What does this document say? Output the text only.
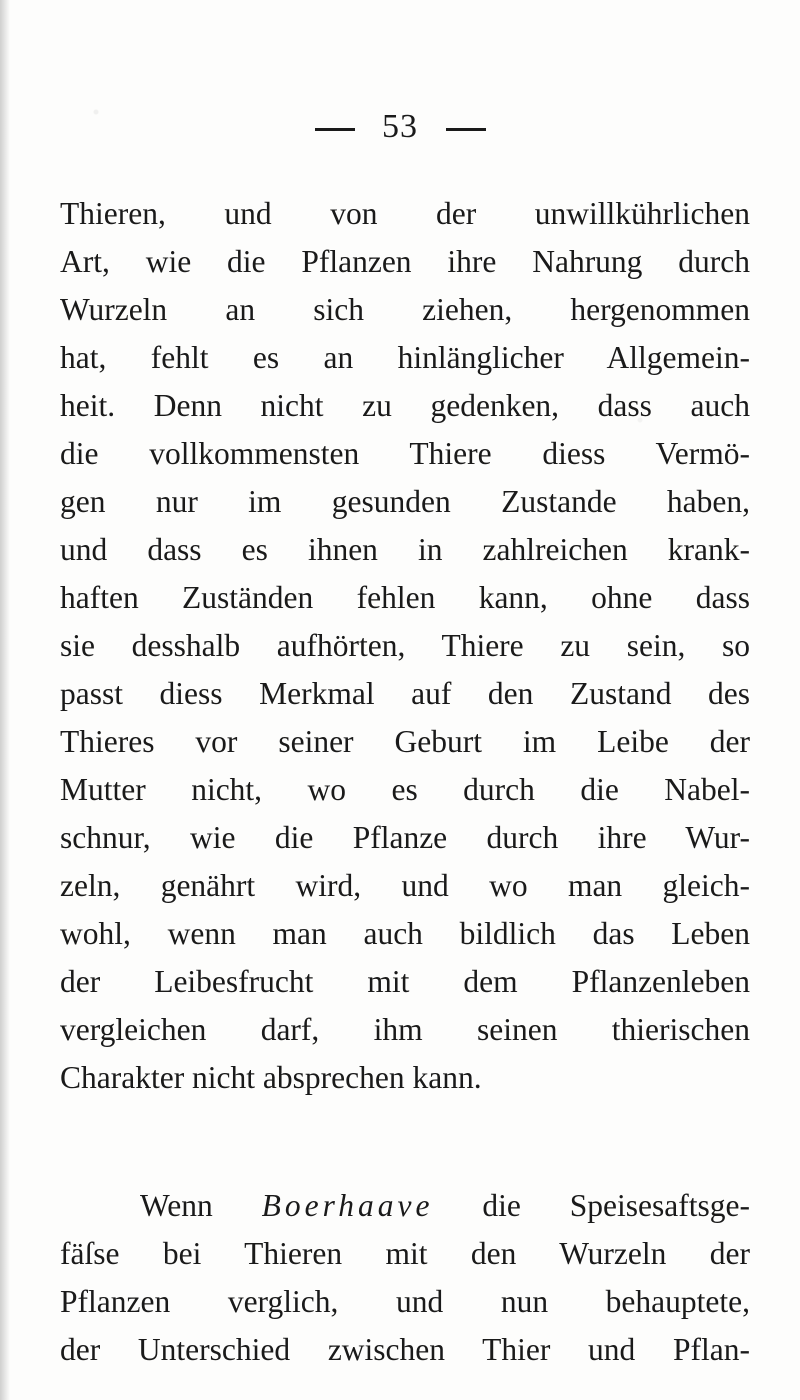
53
Thieren, und von der unwillkührlichen
Art, wie die Pflanzen ihre Nahrung durch
Wurzeln an sich ziehen, hergenommen
hat, fehlt es an hinlänglicher Allgemein-
heit. Denn nicht zu gedenken, dass auch
die vollkommensten Thiere diess Vermö-
gen nur im gesunden Zustande haben,
und dass es ihnen in zahlreichen krank-
haften Zuständen fehlen kann, ohne dass
sie desshalb aufhörten, Thiere zu sein, so
passt diess Merkmal auf den Zustand des
Thieres vor seiner Geburt im Leibe der
Mutter nicht, wo es durch die Nabel-
schnur, wie die Pflanze durch ihre Wur-
zeln, genährt wird, und wo man gleich-
wohl, wenn man auch bildlich das Leben
der Leibesfrucht mit dem Pflanzenleben
vergleichen darf, ihm seinen thierischen
Charakter nicht absprechen kann.
Wenn Boerhaave die Speisesaftsge-
fäſse bei Thieren mit den Wurzeln der
Pflanzen verglich, und nun behauptete,
der Unterschied zwischen Thier und Pflan-
